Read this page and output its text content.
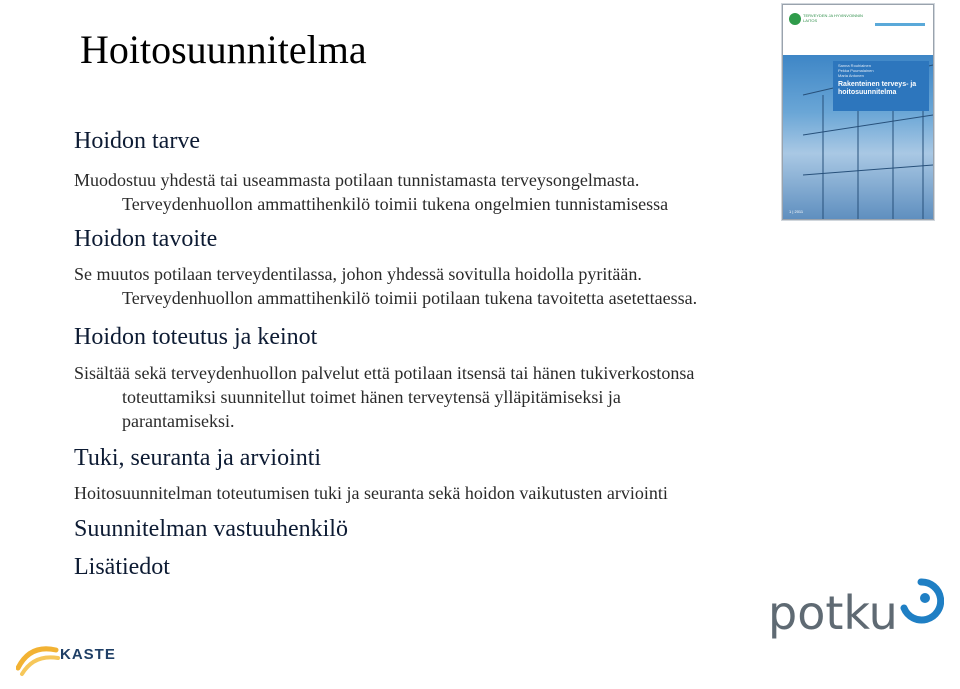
Hoitosuunnitelma
Hoidon tarve

Muodostuu yhdestä tai useammasta potilaan tunnistamasta terveysongelmasta.

Terveydenhuollon ammattihenkilö toimii tukena ongelmien tunnistamisessa

Hoidon tavoite

Se muutos potilaan terveydentilassa, johon yhdessä sovitulla hoidolla pyritään.

Terveydenhuollon ammattihenkilö toimii potilaan tukena tavoitetta asetettaessa.

Hoidon toteutus ja keinot

Sisältää sekä terveydenhuollon palvelut että potilaan itsensä tai hänen tukiverkostonsa

toteuttamiksi suunnitellut toimet hänen terveytensä ylläpitämiseksi ja

parantamiseksi.

Tuki, seuranta ja arviointi

Hoitosuunnitelman toteutumisen tuki ja seuranta sekä hoidon vaikutusten arviointi

Suunnitelman vastuuhenkilö
Lisätiedot
TERVEYDEN JA HYVINVOINNIN LAITOS
Sanna Rouhiainen
Pekka Puumalainen
Maria Antonen
Rakenteinen terveys- ja hoitosuunnitelma
1 | 2011
potku
KASTE
